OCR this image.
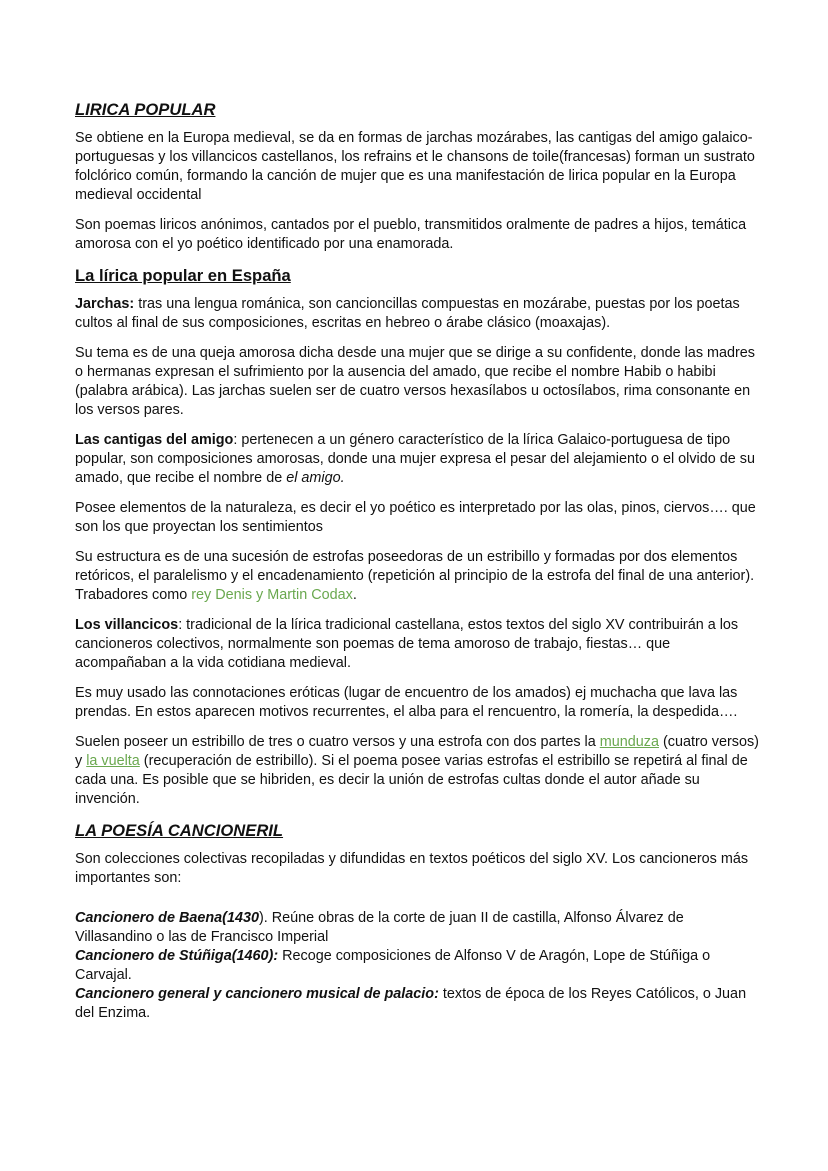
LIRICA POPULAR

Se obtiene en la Europa medieval, se da en formas de jarchas mozárabes, las cantigas del amigo galaico-portuguesas y los villancicos castellanos, los refrains et le chansons de toile(francesas) forman un sustrato folclórico común, formando la canción de mujer que es una manifestación de lirica popular en la Europa medieval occidental

Son poemas liricos anónimos, cantados por el pueblo, transmitidos oralmente de padres a hijos, temática amorosa con el yo poético identificado por una enamorada.

La lírica popular en España

Jarchas: tras una lengua románica, son cancioncillas compuestas en mozárabe, puestas por los poetas cultos al final de sus composiciones, escritas en hebreo o árabe clásico (moaxajas).

Su tema es de una queja amorosa dicha desde una mujer que se dirige a su confidente, donde las madres o hermanas expresan el sufrimiento por la ausencia del amado, que recibe el nombre Habib o habibi (palabra arábica). Las jarchas suelen ser de cuatro versos hexasílabos u octosílabos, rima consonante en los versos pares.

Las cantigas del amigo: pertenecen a un género característico de la lírica Galaico-portuguesa de tipo popular, son composiciones amorosas, donde una mujer expresa el pesar del alejamiento o el olvido de su amado, que recibe el nombre de el amigo.

Posee elementos de la naturaleza, es decir el yo poético es interpretado por las olas, pinos, ciervos…. que son los que proyectan los sentimientos

Su estructura es de una sucesión de estrofas poseedoras de un estribillo y formadas por dos elementos retóricos, el paralelismo y el encadenamiento (repetición al principio de la estrofa del final de una anterior). Trabadores como rey Denis y Martin Codax.

Los villancicos: tradicional de la lírica tradicional castellana, estos textos del siglo XV contribuirán a los cancioneros colectivos, normalmente son poemas de tema amoroso de trabajo, fiestas… que acompañaban a la vida cotidiana medieval.

Es muy usado las connotaciones eróticas (lugar de encuentro de los amados) ej muchacha que lava las prendas. En estos aparecen motivos recurrentes, el alba para el rencuentro, la romería, la despedida….

Suelen poseer un estribillo de tres o cuatro versos y una estrofa con dos partes la munduza (cuatro versos) y la vuelta (recuperación de estribillo). Si el poema posee varias estrofas el estribillo se repetirá al final de cada una. Es posible que se hibriden, es decir la unión de estrofas cultas donde el autor añade su invención.

LA POESÍA CANCIONERIL

Son colecciones colectivas recopiladas y difundidas en textos poéticos del siglo XV. Los cancioneros más importantes son:

Cancionero de Baena(1430). Reúne obras de la corte de juan II de castilla, Alfonso Álvarez de Villasandino o las de Francisco Imperial

Cancionero de Stúñiga(1460): Recoge composiciones de Alfonso V de Aragón, Lope de Stúñiga o Carvajal.

Cancionero general y cancionero musical de palacio: textos de época de los Reyes Católicos, o Juan del Enzima.
